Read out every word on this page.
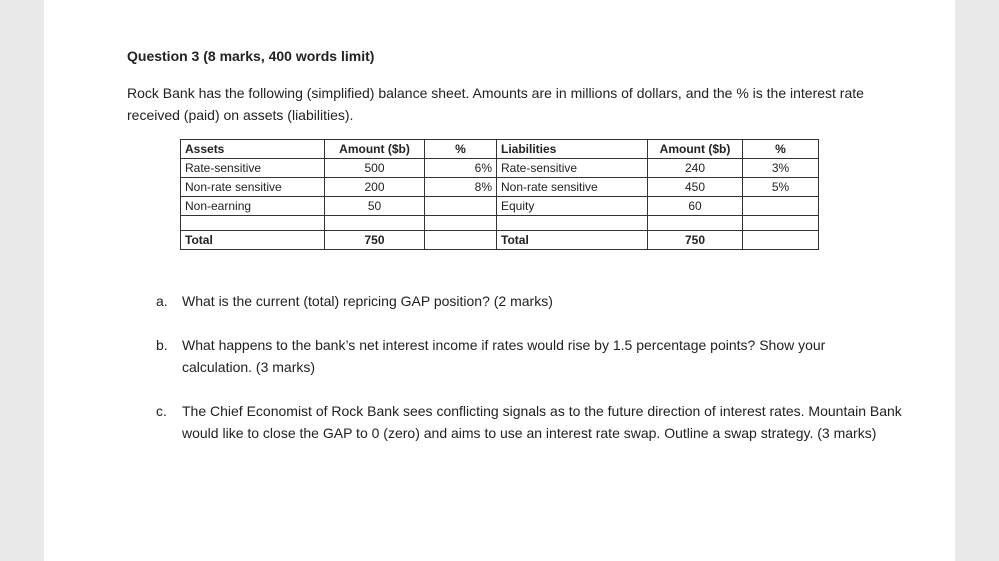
Question 3 (8 marks, 400 words limit)
Rock Bank has the following (simplified) balance sheet. Amounts are in millions of dollars, and the % is the interest rate received (paid) on assets (liabilities).
Assets	Amount ($b)	%	Liabilities	Amount ($b)	%
Rate-sensitive	500	6%	Rate-sensitive	240	3%
Non-rate sensitive	200	8%	Non-rate sensitive	450	5%
Non-earning	50		Equity	60	

Total	750		Total	750	
a. What is the current (total) repricing GAP position? (2 marks)
b. What happens to the bank’s net interest income if rates would rise by 1.5 percentage points? Show your calculation. (3 marks)
c. The Chief Economist of Rock Bank sees conflicting signals as to the future direction of interest rates. Mountain Bank would like to close the GAP to 0 (zero) and aims to use an interest rate swap. Outline a swap strategy. (3 marks)
